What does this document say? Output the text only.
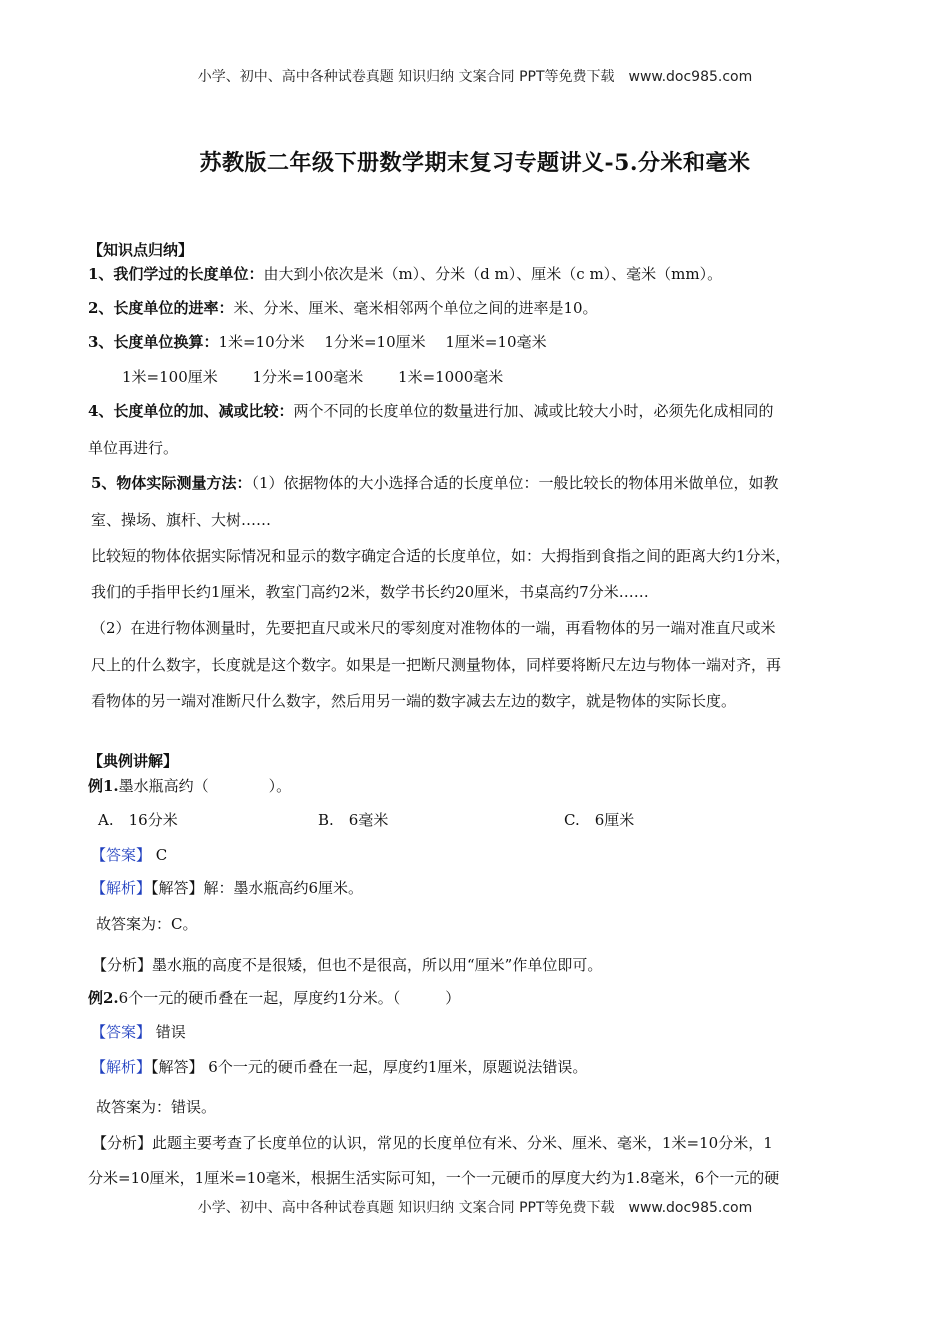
小学、初中、高中各种试卷真题 知识归纳 文案合同 PPT等免费下载　www.doc985.com
苏教版二年级下册数学期末复习专题讲义-5.分米和毫米
【知识点归纳】
1、我们学过的长度单位：由大到小依次是米（m）、分米（d m）、厘米（c m）、毫米（mm）。
2、长度单位的进率：米、分米、厘米、毫米相邻两个单位之间的进率是10。
3、长度单位换算：1米=10分米　 1分米=10厘米　 1厘米=10毫米
1米=100厘米　　 1分米=100毫米　　 1米=1000毫米
4、长度单位的加、减或比较：两个不同的长度单位的数量进行加、减或比较大小时，必须先化成相同的
单位再进行。
5、物体实际测量方法：（1）依据物体的大小选择合适的长度单位：一般比较长的物体用米做单位，如教
室、操场、旗杆、大树……
比较短的物体依据实际情况和显示的数字确定合适的长度单位，如：大拇指到食指之间的距离大约1分米，
我们的手指甲长约1厘米，教室门高约2米，数学书长约20厘米，书桌高约7分米……
（2）在进行物体测量时，先要把直尺或米尺的零刻度对准物体的一端，再看物体的另一端对准直尺或米
尺上的什么数字，长度就是这个数字。如果是一把断尺测量物体，同样要将断尺左边与物体一端对齐，再
看物体的另一端对准断尺什么数字，然后用另一端的数字减去左边的数字，就是物体的实际长度。
【典例讲解】
例1.墨水瓶高约（　　　　）。
A.　16分米	B.　6毫米	C.　6厘米
【答案】 C
【解析】【解答】解：墨水瓶高约6厘米。
故答案为：C。
【分析】墨水瓶的高度不是很矮，但也不是很高，所以用“厘米”作单位即可。
例2.6个一元的硬币叠在一起，厚度约1分米。（　　　）
【答案】 错误
【解析】【解答】 6个一元的硬币叠在一起，厚度约1厘米，原题说法错误。
故答案为：错误。
【分析】此题主要考查了长度单位的认识，常见的长度单位有米、分米、厘米、毫米，1米=10分米，1
分米=10厘米，1厘米=10毫米，根据生活实际可知，一个一元硬币的厚度大约为1.8毫米，6个一元的硬
小学、初中、高中各种试卷真题 知识归纳 文案合同 PPT等免费下载　www.doc985.com
